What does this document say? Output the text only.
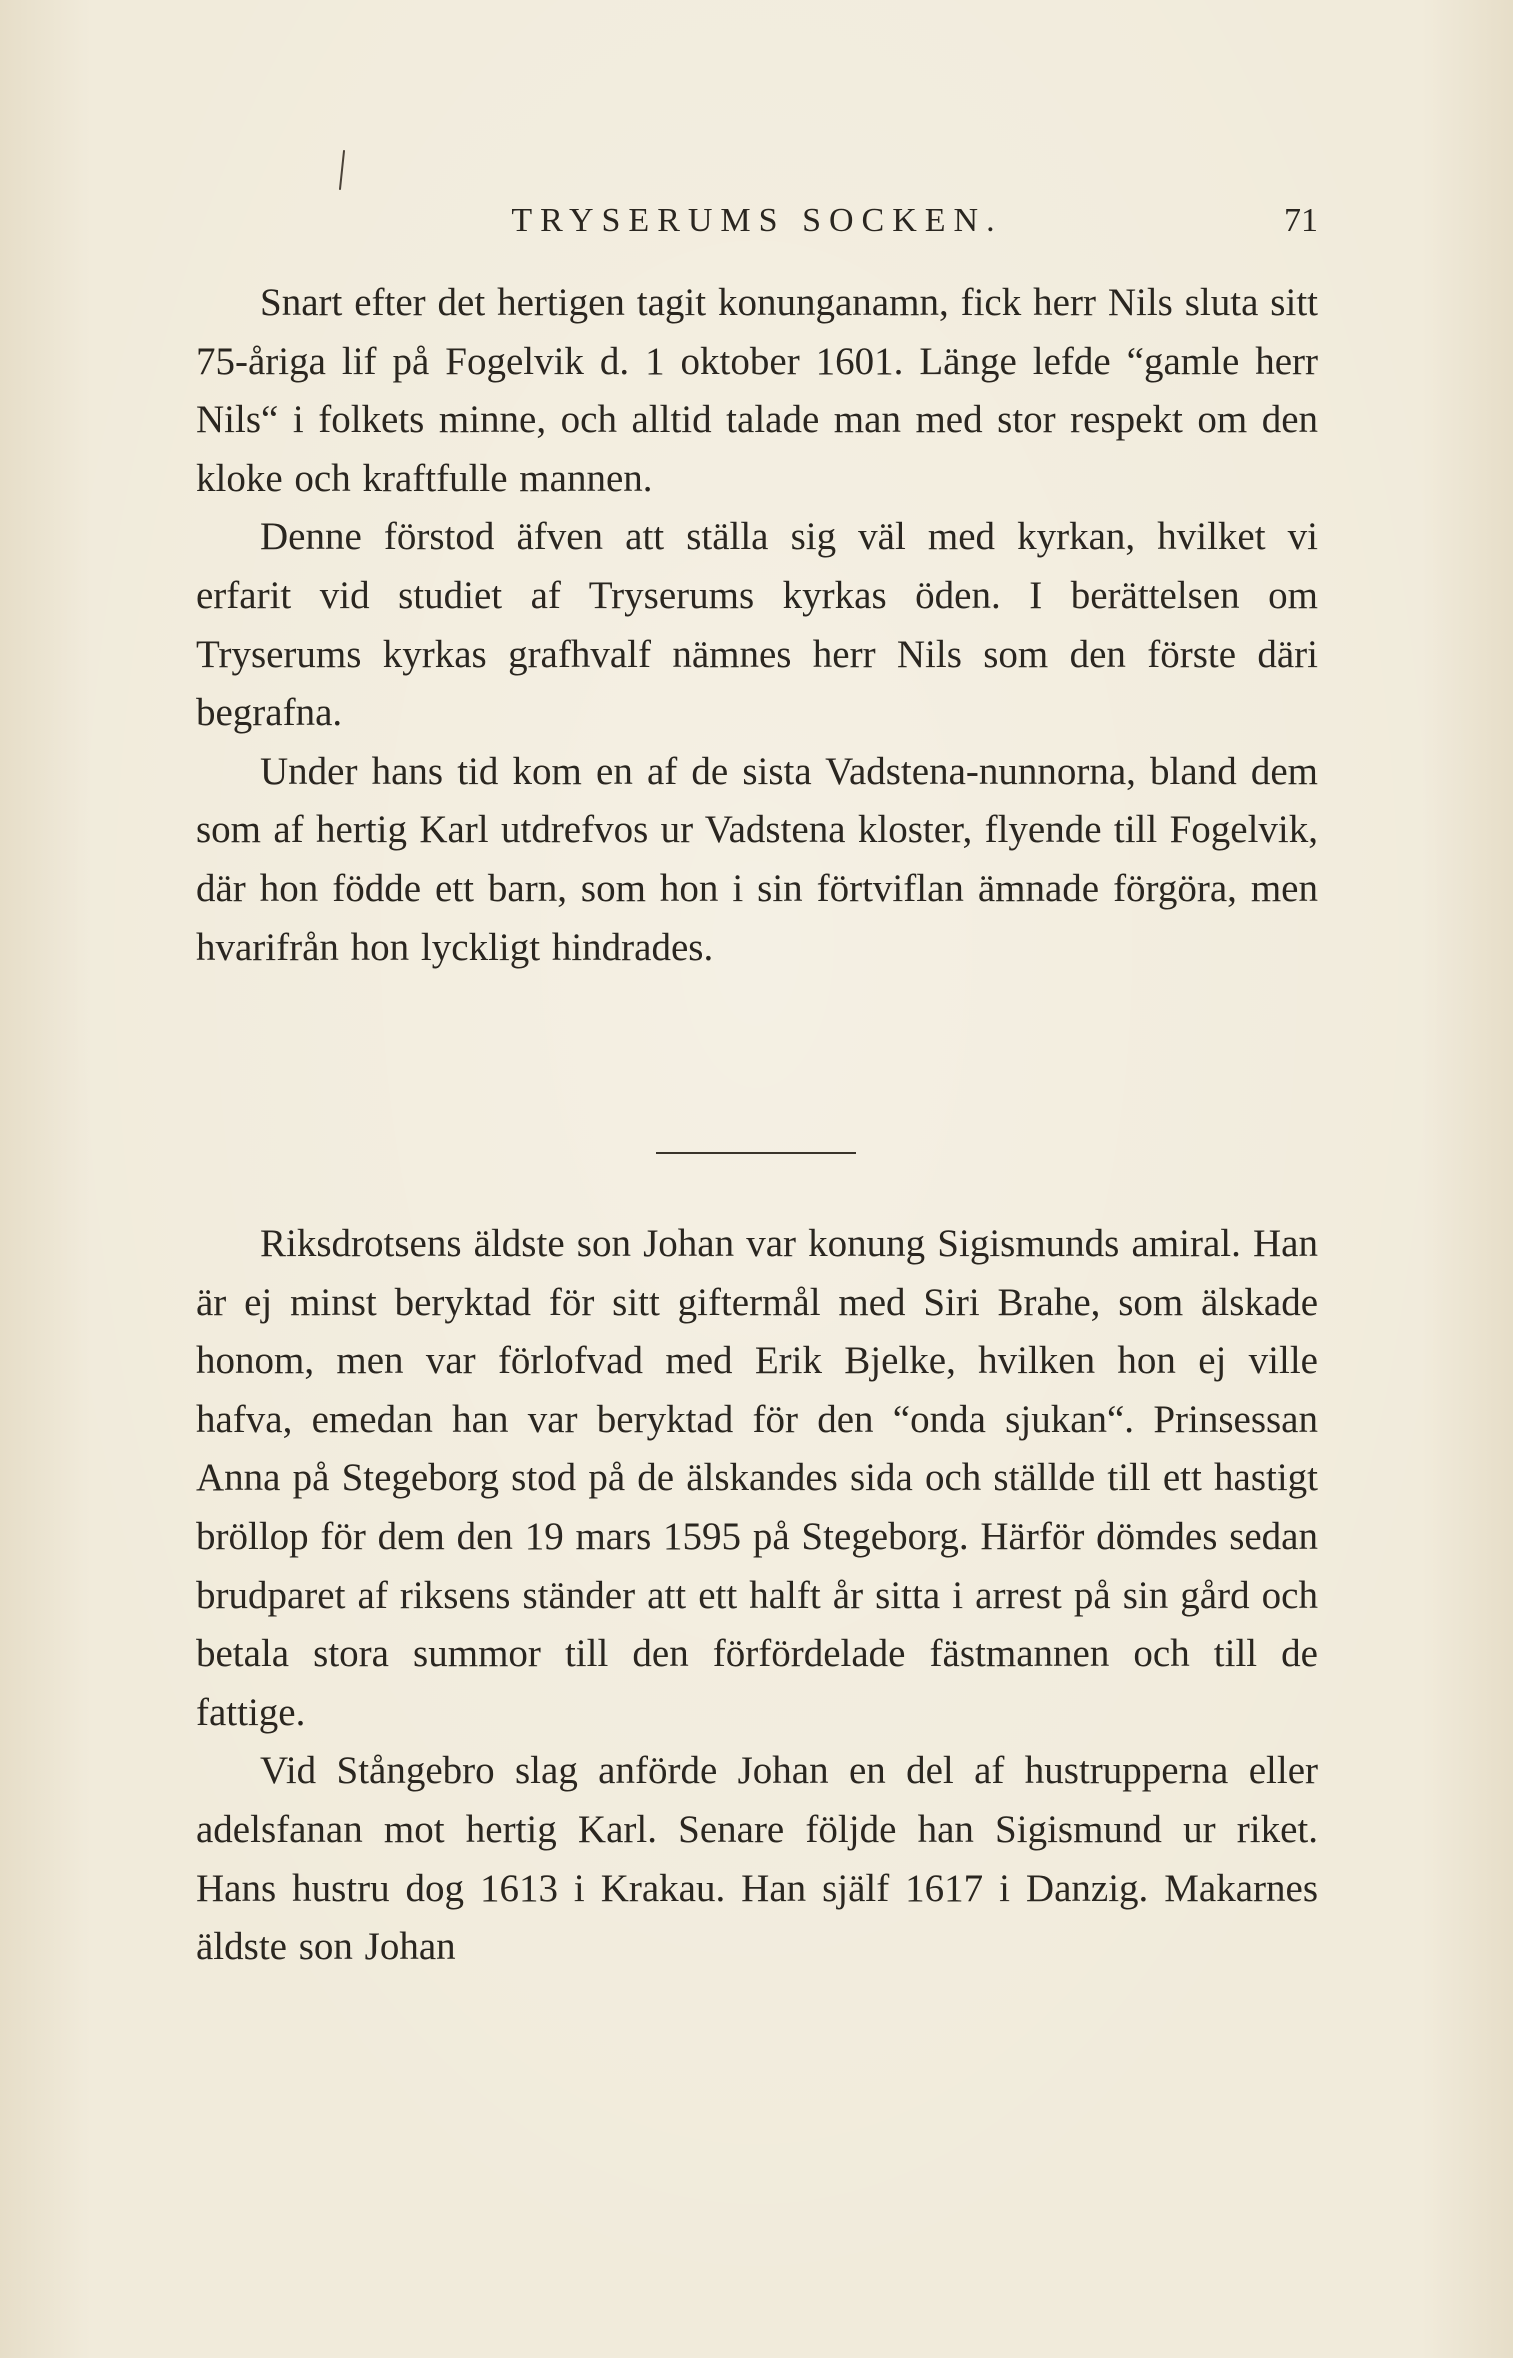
TRYSERUMS SOCKEN.	71

Snart efter det hertigen tagit konunganamn, fick herr Nils sluta sitt 75-åriga lif på Fogelvik d. 1 oktober 1601. Länge lefde “gamle herr Nils“ i folkets minne, och alltid talade man med stor respekt om den kloke och kraftfulle mannen.

Denne förstod äfven att ställa sig väl med kyrkan, hvilket vi erfarit vid studiet af Tryserums kyrkas öden. I berättelsen om Tryserums kyrkas grafhvalf nämnes herr Nils som den förste däri begrafna.

Under hans tid kom en af de sista Vadstena-nunnorna, bland dem som af hertig Karl utdrefvos ur Vadstena kloster, flyende till Fogelvik, där hon födde ett barn, som hon i sin förtviflan ämnade förgöra, men hvarifrån hon lyckligt hindrades.

Riksdrotsens äldste son Johan var konung Sigismunds amiral. Han är ej minst beryktad för sitt giftermål med Siri Brahe, som älskade honom, men var förlofvad med Erik Bjelke, hvilken hon ej ville hafva, emedan han var beryktad för den “onda sjukan“. Prinsessan Anna på Stegeborg stod på de älskandes sida och ställde till ett hastigt bröllop för dem den 19 mars 1595 på Stegeborg. Härför dömdes sedan brudparet af riksens ständer att ett halft år sitta i arrest på sin gård och betala stora summor till den förfördelade fästmannen och till de fattige.

Vid Stångebro slag anförde Johan en del af hustrupperna eller adelsfanan mot hertig Karl. Senare följde han Sigismund ur riket. Hans hustru dog 1613 i Krakau. Han själf 1617 i Danzig. Makarnes äldste son Johan
